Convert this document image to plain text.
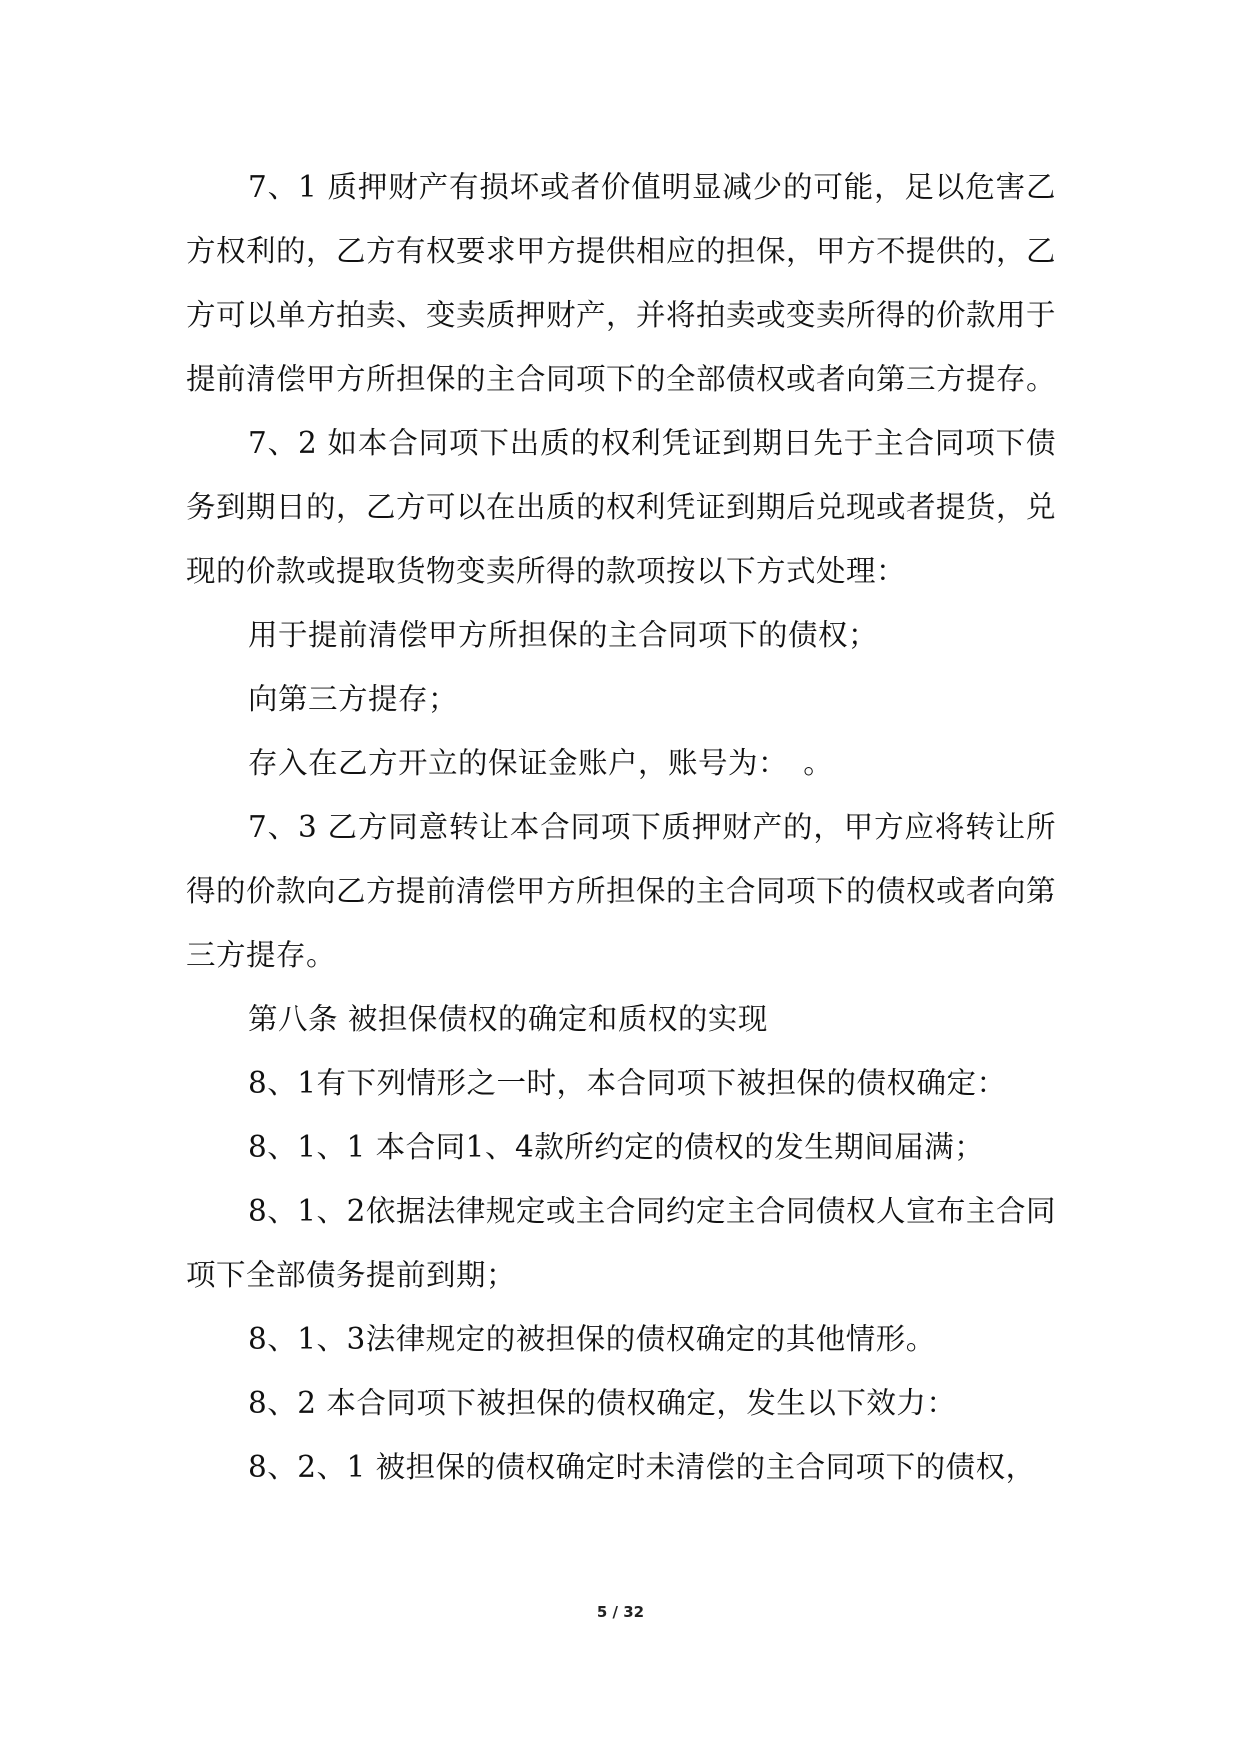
7、1 质押财产有损坏或者价值明显减少的可能，足以危害乙方权利的，乙方有权要求甲方提供相应的担保，甲方不提供的，乙方可以单方拍卖、变卖质押财产，并将拍卖或变卖所得的价款用于提前清偿甲方所担保的主合同项下的全部债权或者向第三方提存。

7、2 如本合同项下出质的权利凭证到期日先于主合同项下债务到期日的，乙方可以在出质的权利凭证到期后兑现或者提货，兑现的价款或提取货物变卖所得的款项按以下方式处理：

用于提前清偿甲方所担保的主合同项下的债权；

向第三方提存；

存入在乙方开立的保证金账户，账号为：　。

7、3 乙方同意转让本合同项下质押财产的，甲方应将转让所得的价款向乙方提前清偿甲方所担保的主合同项下的债权或者向第三方提存。

第八条 被担保债权的确定和质权的实现

8、1有下列情形之一时，本合同项下被担保的债权确定：

8、1、1 本合同1、4款所约定的债权的发生期间届满；

8、1、2依据法律规定或主合同约定主合同债权人宣布主合同项下全部债务提前到期；

8、1、3法律规定的被担保的债权确定的其他情形。

8、2 本合同项下被担保的债权确定，发生以下效力：

8、2、1 被担保的债权确定时未清偿的主合同项下的债权，

5 / 32
